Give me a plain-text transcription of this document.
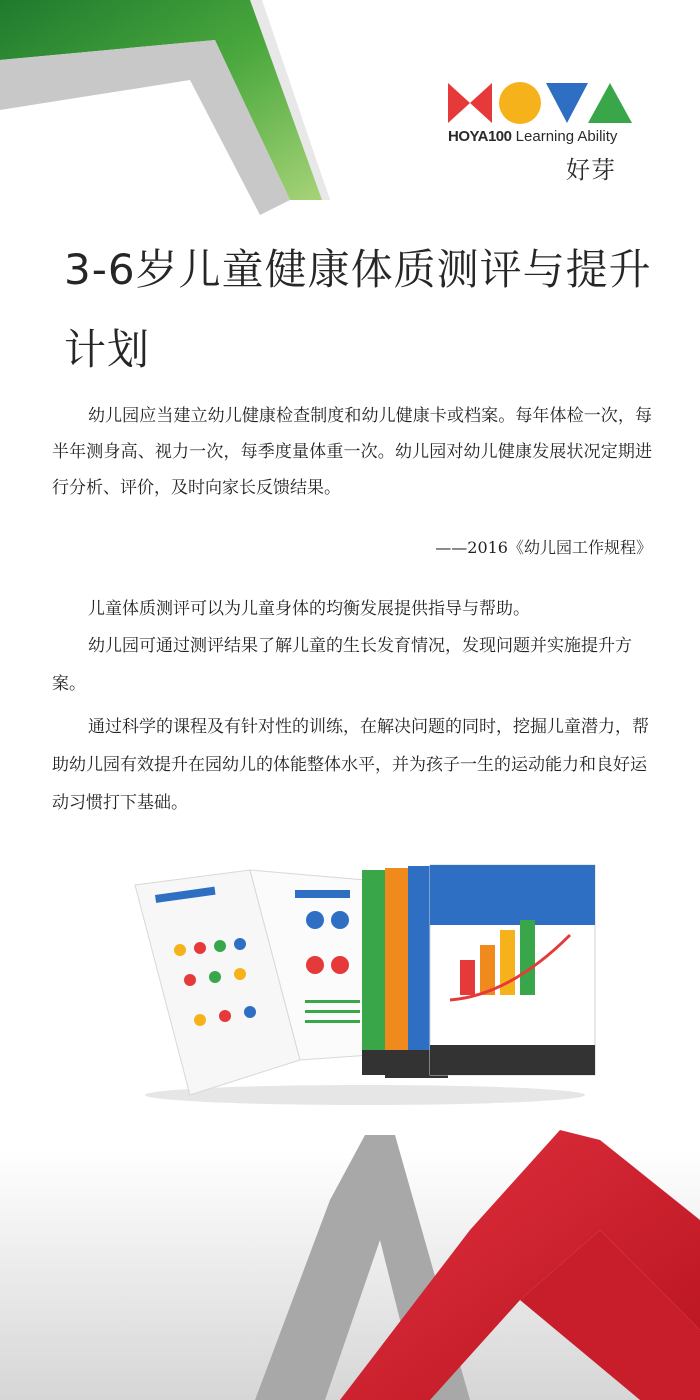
HOYA100 Learning Ability
好芽
3-6岁儿童健康体质测评与提升计划

幼儿园应当建立幼儿健康检查制度和幼儿健康卡或档案。每年体检一次，每半年测身高、视力一次，每季度量体重一次。幼儿园对幼儿健康发展状况定期进行分析、评价，及时向家长反馈结果。

——2016《幼儿园工作规程》

儿童体质测评可以为儿童身体的均衡发展提供指导与帮助。

幼儿园可通过测评结果了解儿童的生长发育情况，发现问题并实施提升方案。

通过科学的课程及有针对性的训练，在解决问题的同时，挖掘儿童潜力，帮助幼儿园有效提升在园幼儿的体能整体水平，并为孩子一生的运动能力和良好运动习惯打下基础。
